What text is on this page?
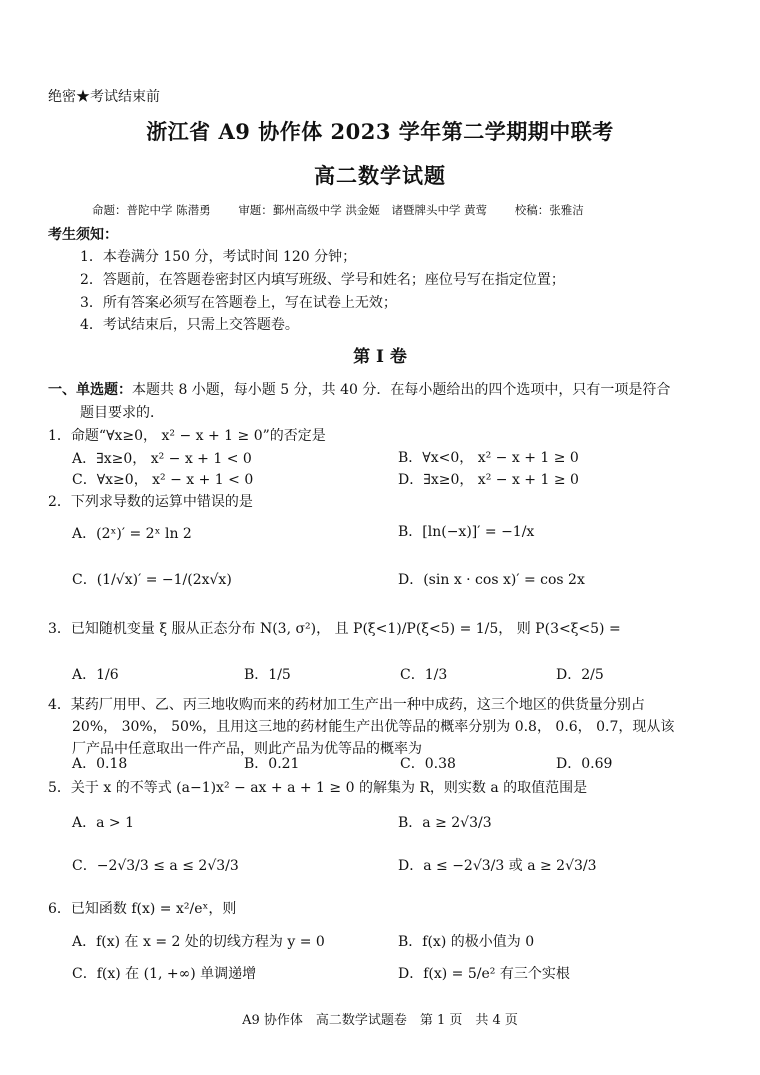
绝密★考试结束前
浙江省 A9 协作体 2023 学年第二学期期中联考
高二数学试题
命题：普陀中学 陈潜勇 审题：鄞州高级中学 洪金姬　诸暨牌头中学 黄莺 校稿：张雅洁
考生须知：
1．本卷满分 150 分，考试时间 120 分钟；
2．答题前，在答题卷密封区内填写班级、学号和姓名；座位号写在指定位置；
3．所有答案必须写在答题卷上，写在试卷上无效；
4．考试结束后，只需上交答题卷。
第 I 卷
一、单选题：本题共 8 小题，每小题 5 分，共 40 分．在每小题给出的四个选项中，只有一项是符合
题目要求的．
1．命题“∀x≥0， x² − x + 1 ≥ 0”的否定是
A．∃x≥0， x² − x + 1 < 0	B．∀x<0， x² − x + 1 ≥ 0
C．∀x≥0， x² − x + 1 < 0	D．∃x≥0， x² − x + 1 ≥ 0
2．下列求导数的运算中错误的是
A．(2ˣ)′ = 2ˣ ln 2	B．[ln(−x)]′ = −1/x
C．(1/√x)′ = −1/(2x√x)	D．(sin x · cos x)′ = cos 2x
3．已知随机变量 ξ 服从正态分布 N(3, σ²)， 且 P(ξ<1)/P(ξ<5) = 1/5， 则 P(3<ξ<5) =
A．1/6	B．1/5	C．1/3	D．2/5
4．某药厂用甲、乙、丙三地收购而来的药材加工生产出一种中成药，这三个地区的供货量分别占
20%， 30%， 50%，且用这三地的药材能生产出优等品的概率分别为 0.8， 0.6， 0.7，现从该
厂产品中任意取出一件产品，则此产品为优等品的概率为
A．0.18	B．0.21	C．0.38	D．0.69
5．关于 x 的不等式 (a−1)x² − ax + a + 1 ≥ 0 的解集为 R，则实数 a 的取值范围是
A．a > 1	B．a ≥ 2√3/3
C．−2√3/3 ≤ a ≤ 2√3/3	D．a ≤ −2√3/3 或 a ≥ 2√3/3
6．已知函数 f(x) = x²/eˣ，则
A．f(x) 在 x = 2 处的切线方程为 y = 0	B．f(x) 的极小值为 0
C．f(x) 在 (1, +∞) 单调递增	D．f(x) = 5/e² 有三个实根
A9 协作体　高二数学试题卷　第 1 页　共 4 页
